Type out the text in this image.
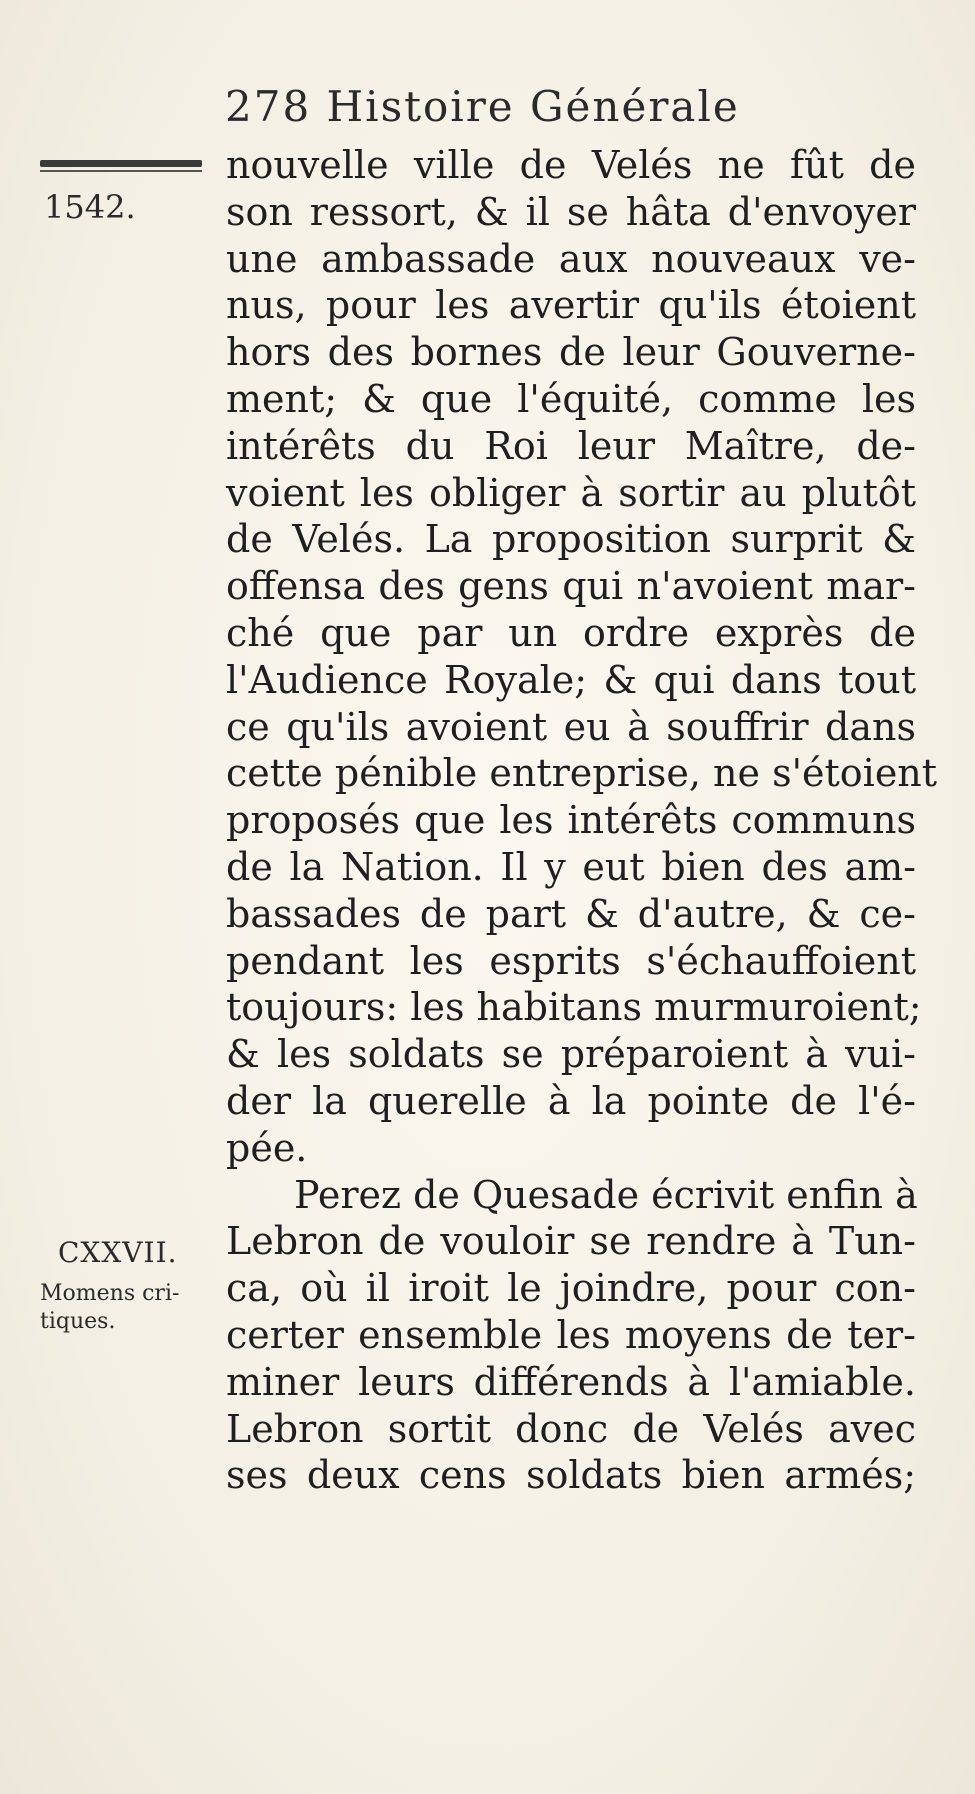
278 Histoire Générale
1542.
CXXVII.
Momens cri-
tiques.
nouvelle ville de Velés ne fût de
son ressort, & il se hâta d'envoyer
une ambassade aux nouveaux ve-
nus, pour les avertir qu'ils étoient
hors des bornes de leur Gouverne-
ment; & que l'équité, comme les
intérêts du Roi leur Maître, de-
voient les obliger à sortir au plutôt
de Velés. La proposition surprit &
offensa des gens qui n'avoient mar-
ché que par un ordre exprès de
l'Audience Royale; & qui dans tout
ce qu'ils avoient eu à souffrir dans
cette pénible entreprise, ne s'étoient
proposés que les intérêts communs
de la Nation. Il y eut bien des am-
bassades de part & d'autre, & ce-
pendant les esprits s'échauffoient
toujours: les habitans murmuroient;
& les soldats se préparoient à vui-
der la querelle à la pointe de l'é-
pée.
Perez de Quesade écrivit enfin à
Lebron de vouloir se rendre à Tun-
ca, où il iroit le joindre, pour con-
certer ensemble les moyens de ter-
miner leurs différends à l'amiable.
Lebron sortit donc de Velés avec
ses deux cens soldats bien armés;
